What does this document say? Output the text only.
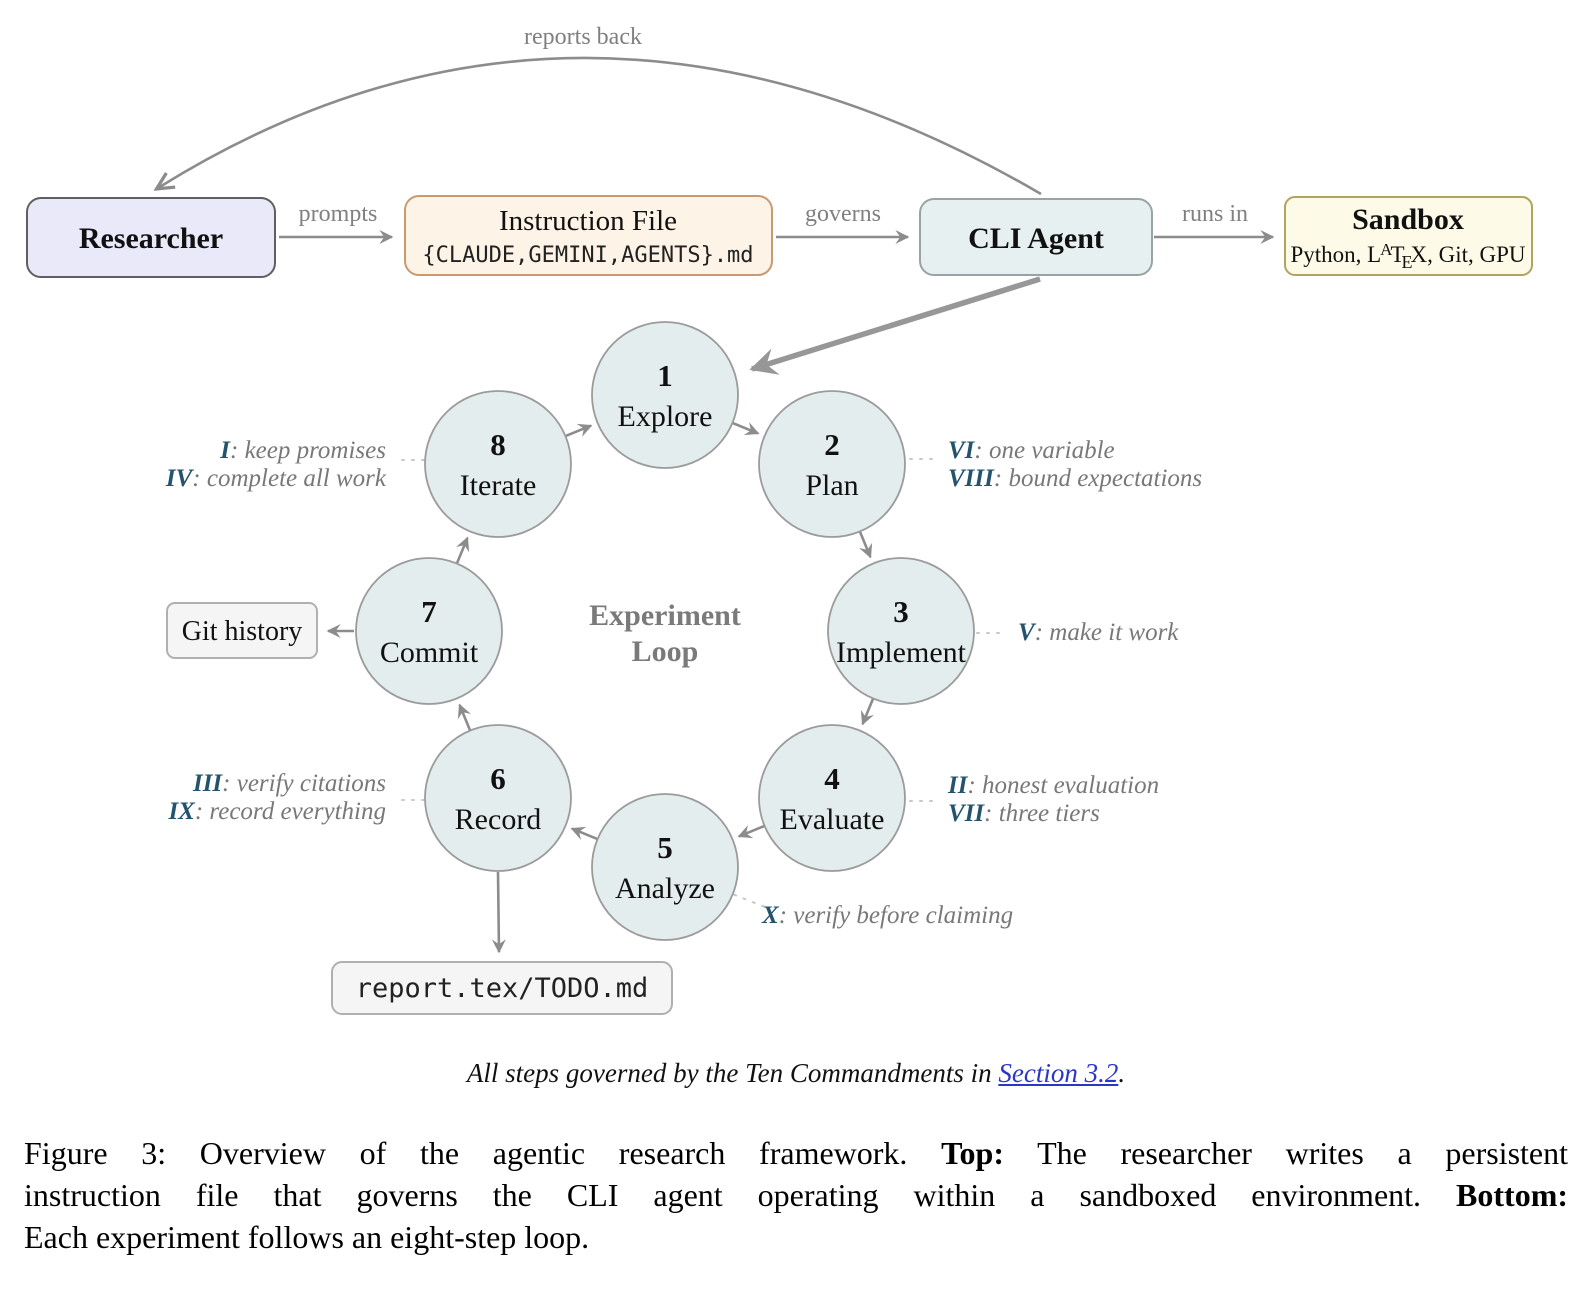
reports back
prompts	governs	runs in
Researcher
Instruction File
{CLAUDE,GEMINI,AGENTS}.md
CLI Agent
Sandbox
Python, LATEX, Git, GPU
1
Explore
2
Plan
3
Implement
4
Evaluate
5
Analyze
6
Record
7
Commit
8
Iterate
Experiment
Loop
I: keep promises
IV: complete all work
VI: one variable
VIII: bound expectations
V: make it work
II: honest evaluation
VII: three tiers
X: verify before claiming
III: verify citations
IX: record everything
Git history
report.tex/TODO.md
All steps governed by the Ten Commandments in Section 3.2.
Figure 3: Overview of the agentic research framework. Top: The researcher writes a persistent
instruction file that governs the CLI agent operating within a sandboxed environment. Bottom:
Each experiment follows an eight-step loop.
